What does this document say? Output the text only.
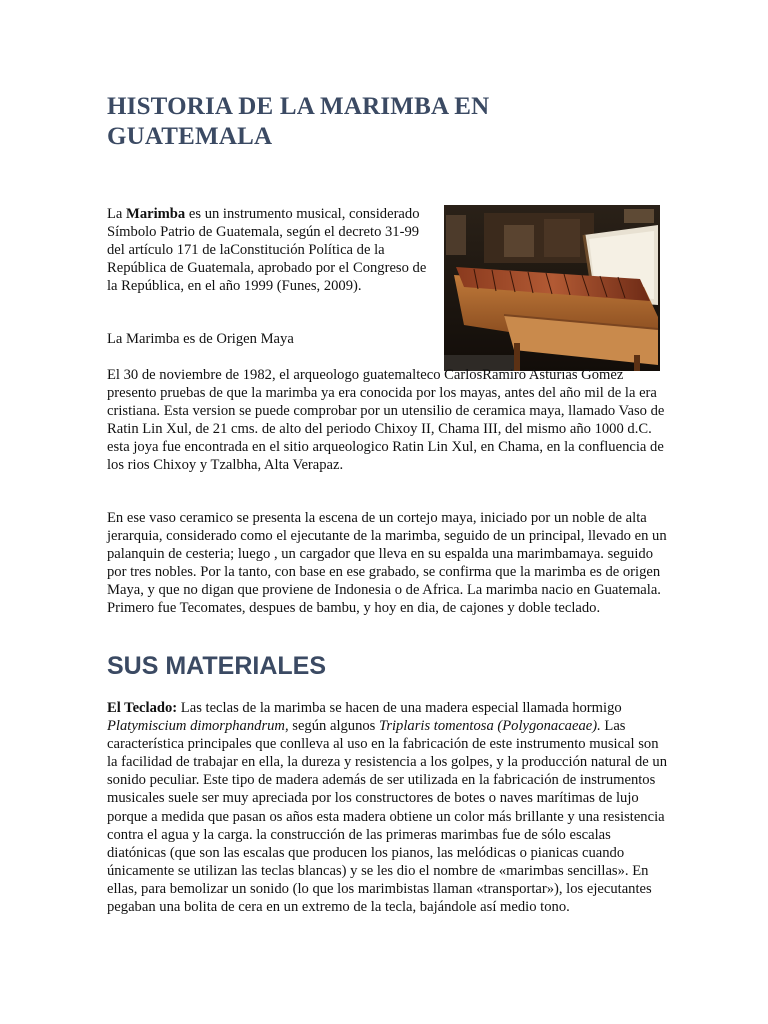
HISTORIA DE LA MARIMBA EN GUATEMALA

La Marimba es un instrumento musical, considerado Símbolo Patrio de Guatemala, según el decreto 31-99 del artículo 171 de laConstitución Política de la República de Guatemala, aprobado por el Congreso de la República, en el año 1999 (Funes, 2009).

La Marimba es de Origen Maya

El 30 de noviembre de 1982, el arqueologo guatemalteco CarlosRamiro Asturias Gomez presento pruebas de que la marimba ya era conocida por los mayas, antes del año mil de la era cristiana. Esta version se puede comprobar por un utensilio de ceramica maya, llamado Vaso de Ratin Lin Xul, de 21 cms. de alto del periodo Chixoy II, Chama III, del mismo año 1000 d.C. esta joya fue encontrada en el sitio arqueologico Ratin Lin Xul, en Chama, en la confluencia de los rios Chixoy y Tzalbha, Alta Verapaz.

En ese vaso ceramico se presenta la escena de un cortejo maya, iniciado por un noble de alta jerarquia, considerado como el ejecutante de la marimba, seguido de un principal, llevado en un palanquin de cesteria; luego , un cargador que lleva en su espalda una marimbamaya. seguido por tres nobles. Por la tanto, con base en ese grabado, se confirma que la marimba es de origen Maya, y que no digan que proviene de Indonesia o de Africa. La marimba nacio en Guatemala. Primero fue Tecomates, despues de bambu, y hoy en dia, de cajones y doble teclado.

SUS MATERIALES

El Teclado: Las teclas de la marimba se hacen de una madera especial llamada hormigo Platymiscium dimorphandrum, según algunos Triplaris tomentosa (Polygonacaeae). Las característica principales que conlleva al uso en la fabricación de este instrumento musical son la facilidad de trabajar en ella, la dureza y resistencia a los golpes, y la producción natural de un sonido peculiar. Este tipo de madera además de ser utilizada en la fabricación de instrumentos musicales suele ser muy apreciada por los constructores de botes o naves marítimas de lujo porque a medida que pasan os años esta madera obtiene un color más brillante y una resistencia contra el agua y la carga. la construcción de las primeras marimbas fue de sólo escalas diatónicas (que son las escalas que producen los pianos, las melódicas o pianicas cuando únicamente se utilizan las teclas blancas) y se les dio el nombre de «marimbas sencillas». En ellas, para bemolizar un sonido (lo que los marimbistas llaman «transportar»), los ejecutantes pegaban una bolita de cera en un extremo de la tecla, bajándole así medio tono.
